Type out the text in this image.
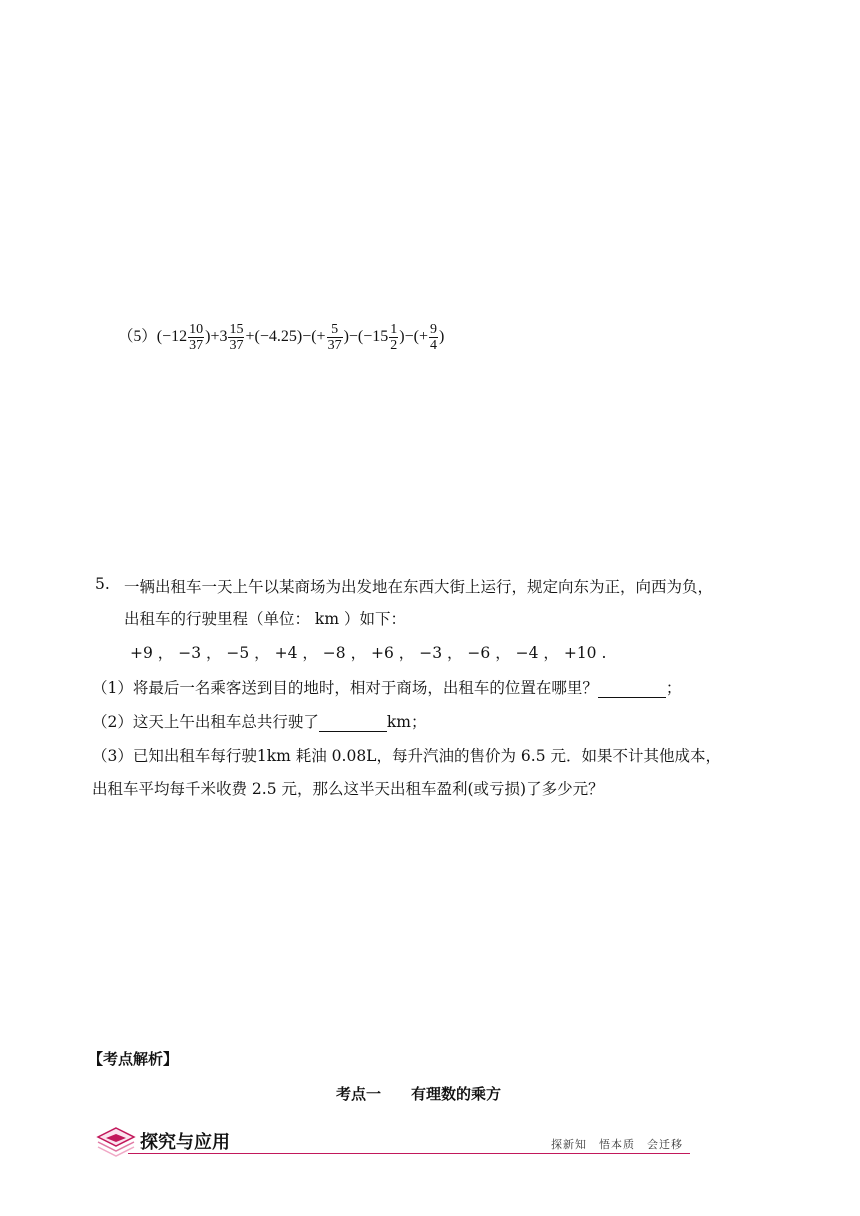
$(5)(-12 \frac{10}{37} )+3 \frac{15}{37} +(-4.25)-(+ \frac{5}{37} )-(-15 \frac{1}{2}$ )−(+ $\frac{9}{4}$ )
5. 一辆出租车一天上午以某商场为出发地在东西大街上运行，规定向东为正，向西为负，
出租车的行驶里程（单位： km ）如下：
+9 ， −3 ， −5 ， +4 ， −8 ， +6 ， −3 ， −6 ， −4 ， +10 .
（1）将最后一名乘客送到目的地时，相对于商场，出租车的位置在哪里？	；
（2）这天上午出租车总共行驶了	km；
（3）已知出租车每行驶1km 耗油 0.08L，每升汽油的售价为 6.5 元．如果不计其他成本，
出租车平均每千米收费 2.5 元，那么这半天出租车盈利(或亏损)了多少元？
【考点解析】
考点一　　有理数的乘方
探究与应用	探新知　悟本质　会迁移
